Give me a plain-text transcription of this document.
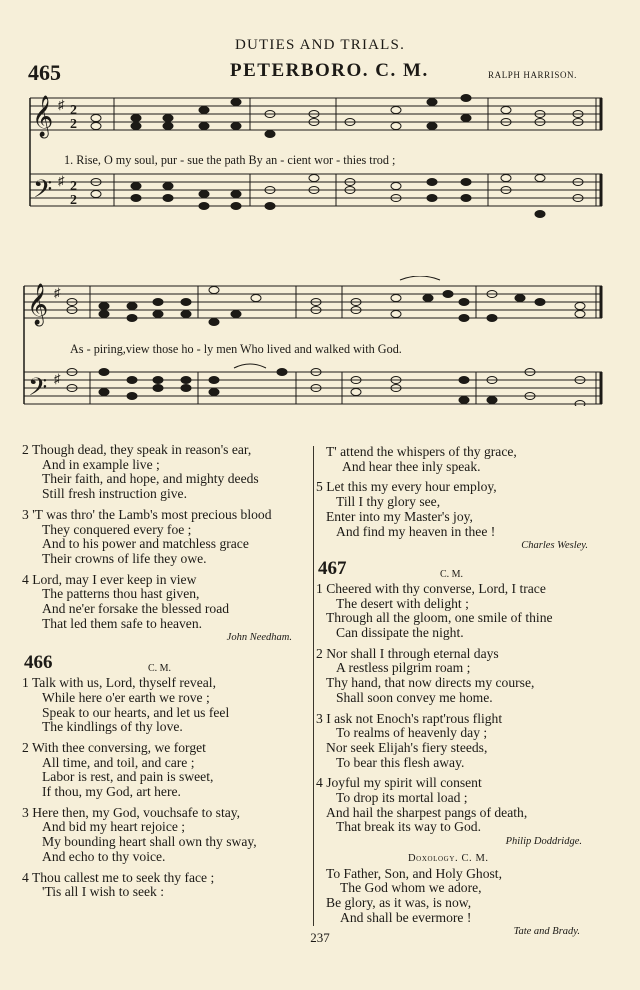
DUTIES AND TRIALS.
465	PETERBORO. C. M.	RALPH HARRISON.
𝄞
𝄢
♯
♯
2
2
2
2
1. Rise, O my soul, pur - sue the path By an - cient wor - thies trod ;
𝄞
𝄢
♯
♯
As - piring,view those ho - ly men Who lived and walked with God.
2 Though dead, they speak in reason's ear,
And in example live ;
Their faith, and hope, and mighty deeds
Still fresh instruction give.
3 'T was thro' the Lamb's most precious blood
They conquered every foe ;
And to his power and matchless grace
Their crowns of life they owe.
4 Lord, may I ever keep in view
The patterns thou hast given,
And ne'er forsake the blessed road
That led them safe to heaven.
John Needham.
466	C. M.
1 Talk with us, Lord, thyself reveal,
While here o'er earth we rove ;
Speak to our hearts, and let us feel
The kindlings of thy love.
2 With thee conversing, we forget
All time, and toil, and care ;
Labor is rest, and pain is sweet,
If thou, my God, art here.
3 Here then, my God, vouchsafe to stay,
And bid my heart rejoice ;
My bounding heart shall own thy sway,
And echo to thy voice.
4 Thou callest me to seek thy face ;
'Tis all I wish to seek :
T' attend the whispers of thy grace,
And hear thee inly speak.
5 Let this my every hour employ,
Till I thy glory see,
Enter into my Master's joy,
And find my heaven in thee !
Charles Wesley.
467	C. M.
1 Cheered with thy converse, Lord, I trace
The desert with delight ;
Through all the gloom, one smile of thine
Can dissipate the night.
2 Nor shall I through eternal days
A restless pilgrim roam ;
Thy hand, that now directs my course,
Shall soon convey me home.
3 I ask not Enoch's rapt'rous flight
To realms of heavenly day ;
Nor seek Elijah's fiery steeds,
To bear this flesh away.
4 Joyful my spirit will consent
To drop its mortal load ;
And hail the sharpest pangs of death,
That break its way to God.
Philip Doddridge.
Doxology. C. M.
To Father, Son, and Holy Ghost,
The God whom we adore,
Be glory, as it was, is now,
And shall be evermore !
Tate and Brady.
237
